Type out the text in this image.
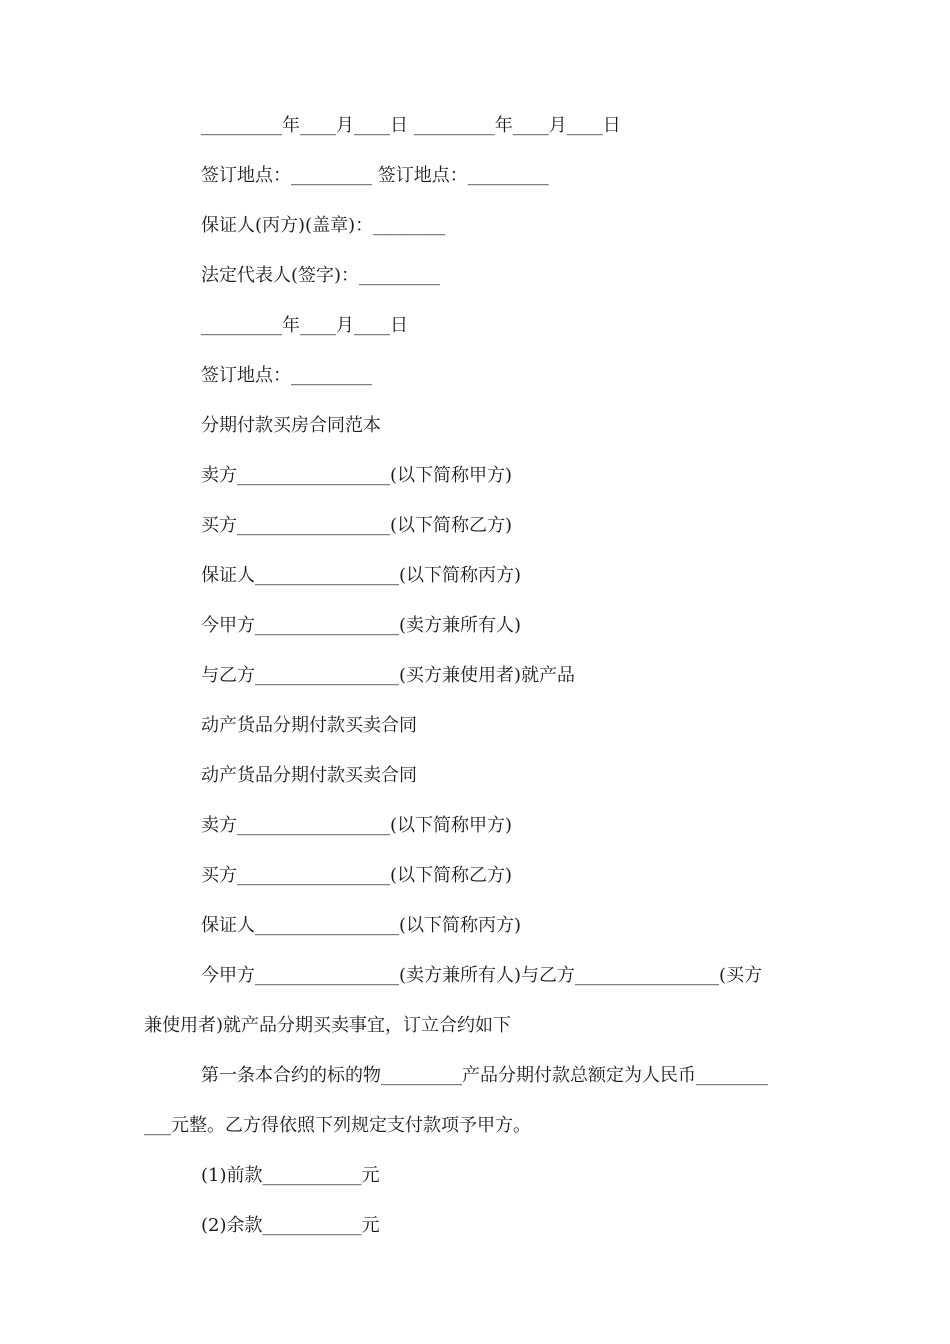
_________年____月____日 _________年____月____日
签订地点：_________ 签订地点：_________
保证人(丙方)(盖章)：________
法定代表人(签字)：_________
_________年____月____日
签订地点：_________
分期付款买房合同范本
卖方_________________(以下简称甲方)
买方_________________(以下简称乙方)
保证人________________(以下简称丙方)
今甲方________________(卖方兼所有人)
与乙方________________(买方兼使用者)就产品
动产货品分期付款买卖合同
动产货品分期付款买卖合同
卖方_________________(以下简称甲方)
买方_________________(以下简称乙方)
保证人________________(以下简称丙方)
今甲方________________(卖方兼所有人)与乙方________________(买方
兼使用者)就产品分期买卖事宜，订立合约如下
第一条本合约的标的物_________产品分期付款总额定为人民币________
___元整。乙方得依照下列规定支付款项予甲方。
(1)前款___________元
(2)余款___________元
